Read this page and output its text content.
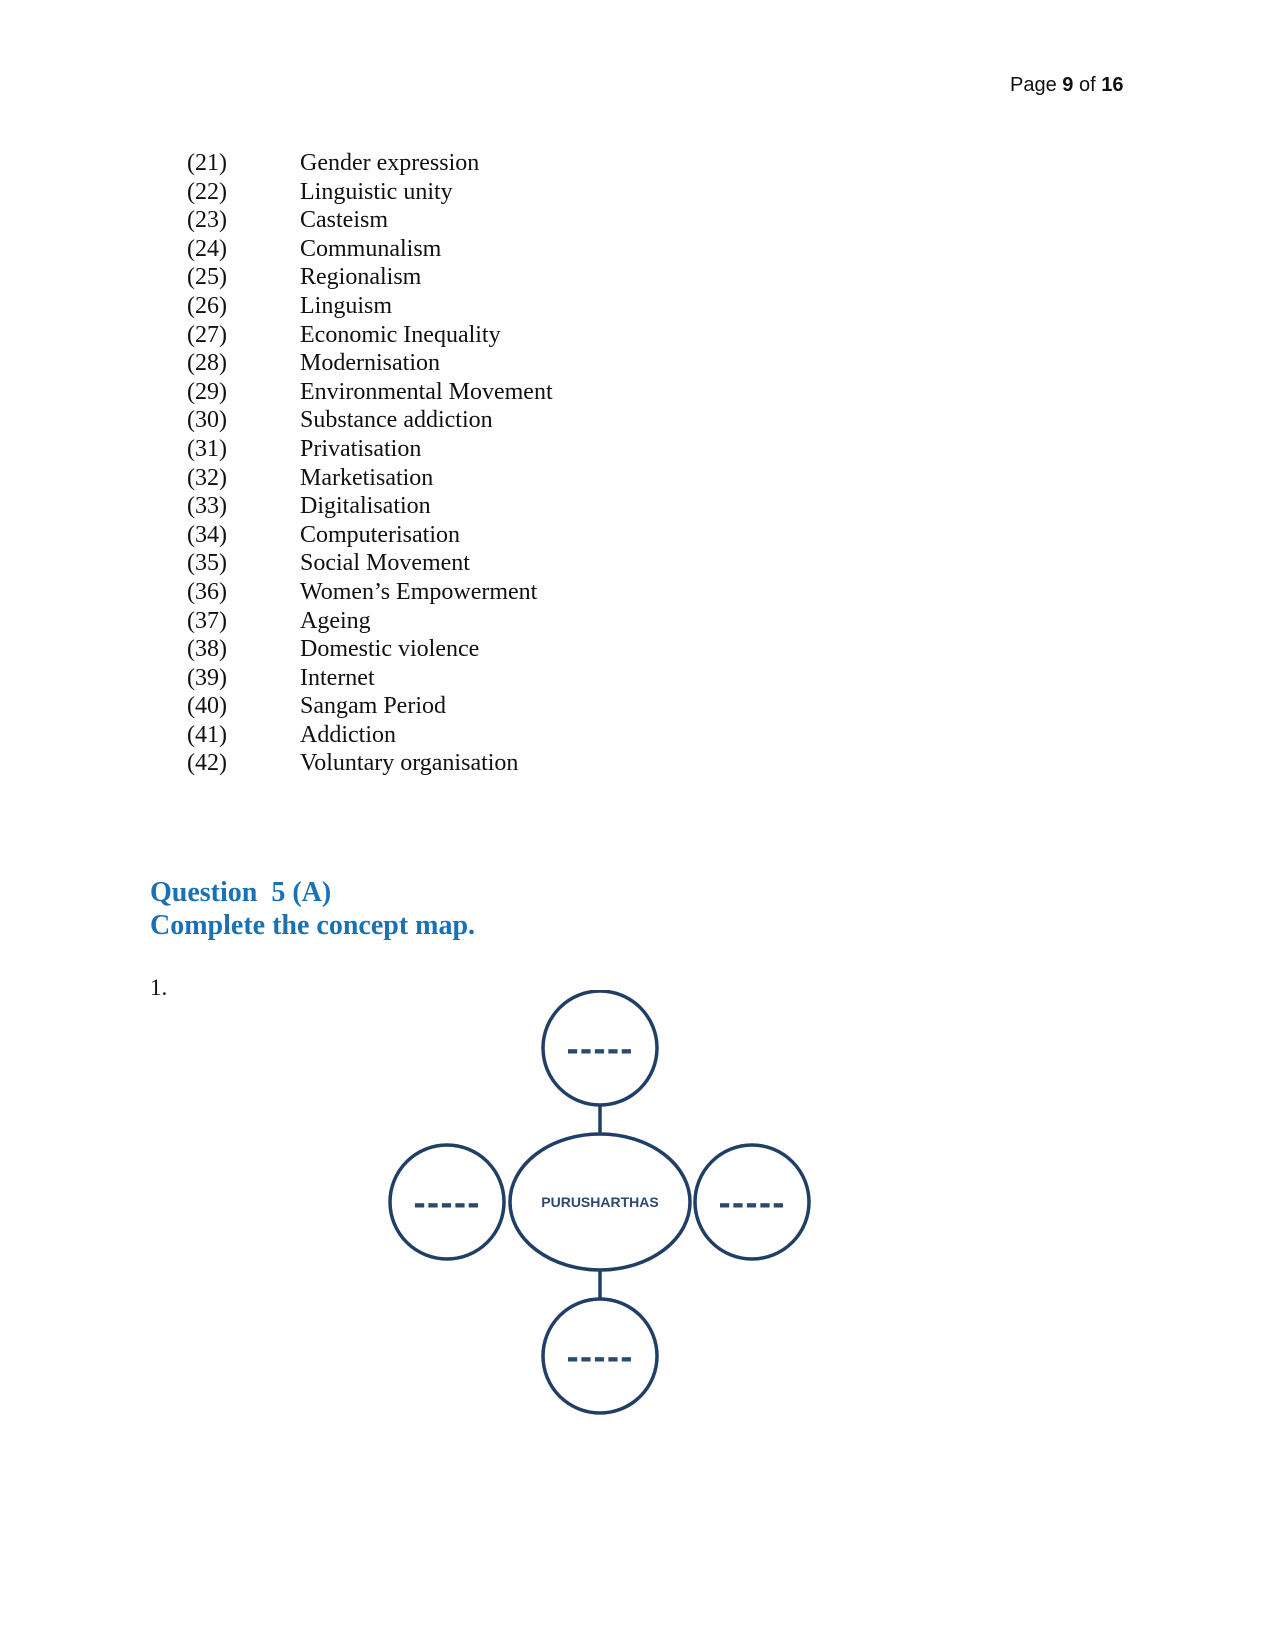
Page 9 of 16
(21)	Gender expression
(22)	Linguistic unity
(23)	Casteism
(24)	Communalism
(25)	Regionalism
(26)	Linguism
(27)	Economic Inequality
(28)	Modernisation
(29)	Environmental Movement
(30)	Substance addiction
(31)	Privatisation
(32)	Marketisation
(33)	Digitalisation
(34)	Computerisation
(35)	Social Movement
(36)	Women’s Empowerment
(37)	Ageing
(38)	Domestic violence
(39)	Internet
(40)	Sangam Period
(41)	Addiction
(42)	Voluntary organisation
Question  5 (A)
Complete the concept map.
1.
-----
-----	-----
-----
PURUSHARTHAS
